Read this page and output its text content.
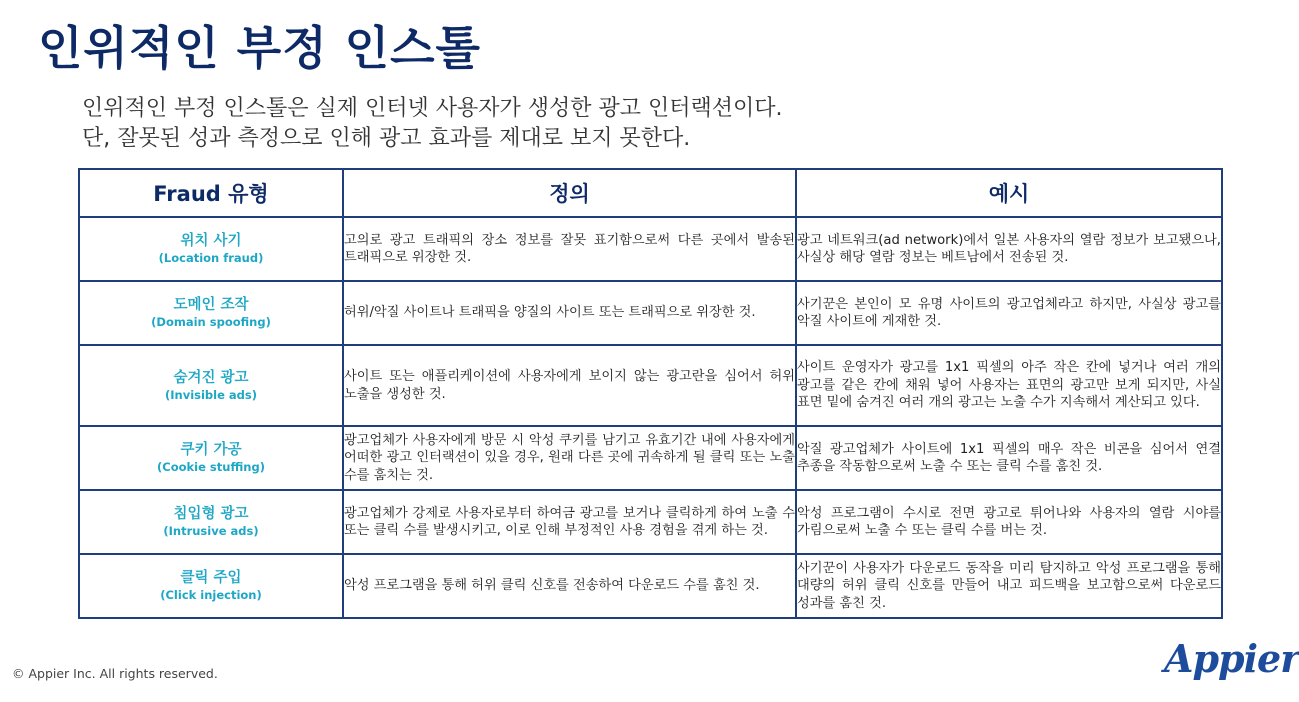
인위적인 부정 인스톨
인위적인 부정 인스톨은 실제 인터넷 사용자가 생성한 광고 인터랙션이다.
단, 잘못된 성과 측정으로 인해 광고 효과를 제대로 보지 못한다.
Fraud 유형	정의	예시

위치 사기
(Location fraud)	고의로 광고 트래픽의 장소 정보를 잘못 표기함으로써 다른 곳에서 발송된 트래픽으로 위장한 것.	광고 네트워크(ad network)에서 일본 사용자의 열람 정보가 보고됐으나, 사실상 해당 열람 정보는 베트남에서 전송된 것.

도메인 조작
(Domain spoofing)	허위/악질 사이트나 트래픽을 양질의 사이트 또는 트래픽으로 위장한 것.	사기꾼은 본인이 모 유명 사이트의 광고업체라고 하지만, 사실상 광고를 악질 사이트에 게재한 것.

숨겨진 광고
(Invisible ads)	사이트 또는 애플리케이션에 사용자에게 보이지 않는 광고란을 심어서 허위 노출을 생성한 것.	사이트 운영자가 광고를 1x1 픽셀의 아주 작은 칸에 넣거나 여러 개의 광고를 같은 칸에 채워 넣어 사용자는 표면의 광고만 보게 되지만, 사실 표면 밑에 숨겨진 여러 개의 광고는 노출 수가 지속해서 계산되고 있다.

쿠키 가공
(Cookie stuffing)	광고업체가 사용자에게 방문 시 악성 쿠키를 남기고 유효기간 내에 사용자에게 어떠한 광고 인터랙션이 있을 경우, 원래 다른 곳에 귀속하게 될 클릭 또는 노출 수를 훔치는 것.	악질 광고업체가 사이트에 1x1 픽셀의 매우 작은 비콘을 심어서 연결 추종을 작동함으로써 노출 수 또는 클릭 수를 훔친 것.

침입형 광고
(Intrusive ads)	광고업체가 강제로 사용자로부터 하여금 광고를 보거나 클릭하게 하여 노출 수 또는 클릭 수를 발생시키고, 이로 인해 부정적인 사용 경험을 겪게 하는 것.	악성 프로그램이 수시로 전면 광고로 튀어나와 사용자의 열람 시야를 가림으로써 노출 수 또는 클릭 수를 버는 것.

클릭 주입
(Click injection)	악성 프로그램을 통해 허위 클릭 신호를 전송하여 다운로드 수를 훔친 것.	사기꾼이 사용자가 다운로드 동작을 미리 탐지하고 악성 프로그램을 통해 대량의 허위 클릭 신호를 만들어 내고 피드백을 보고함으로써 다운로드 성과를 훔친 것.
© Appier Inc. All rights reserved.	Appier
